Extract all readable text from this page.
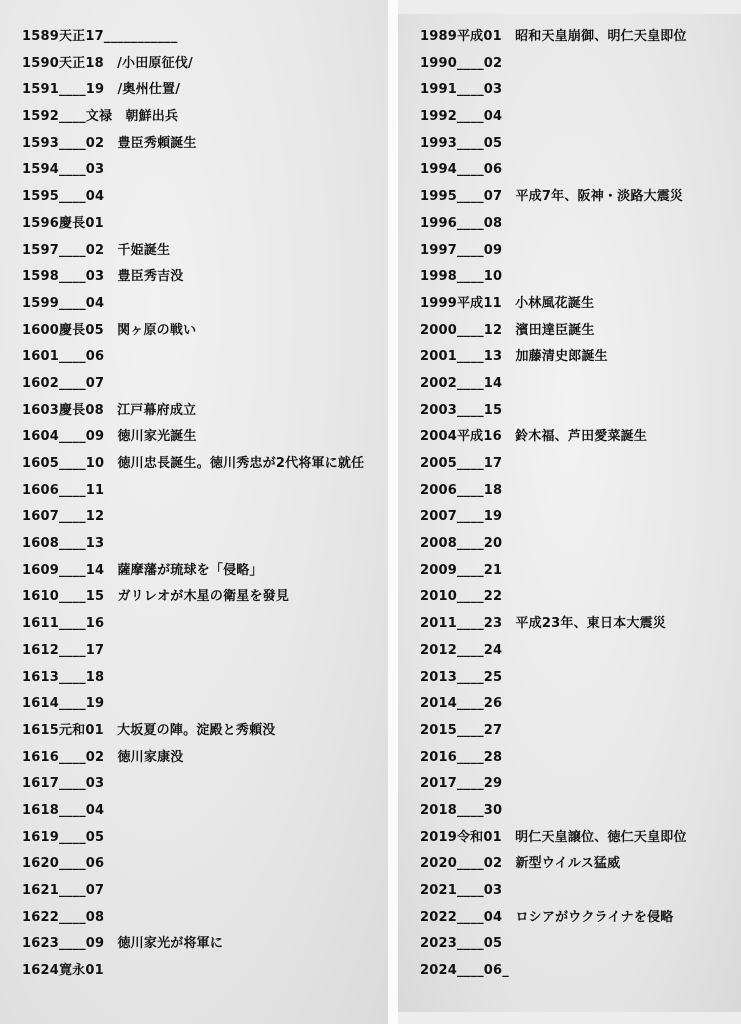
1589天正17___________
1590天正18　/小田原征伐/
1591____19　/奥州仕置/
1592____文禄　朝鮮出兵
1593____02　豊臣秀頼誕生
1594____03
1595____04
1596慶長01
1597____02　千姫誕生
1598____03　豊臣秀吉没
1599____04
1600慶長05　関ヶ原の戦い
1601____06
1602____07
1603慶長08　江戸幕府成立
1604____09　徳川家光誕生
1605____10　徳川忠長誕生。徳川秀忠が2代将軍に就任
1606____11
1607____12
1608____13
1609____14　薩摩藩が琉球を「侵略」
1610____15　ガリレオが木星の衛星を發見
1611____16
1612____17
1613____18
1614____19
1615元和01　大坂夏の陣。淀殿と秀頼没
1616____02　徳川家康没
1617____03
1618____04
1619____05
1620____06
1621____07
1622____08
1623____09　徳川家光が将軍に
1624寛永01
1989平成01　昭和天皇崩御、明仁天皇即位
1990____02
1991____03
1992____04
1993____05
1994____06
1995____07　平成7年、阪神・淡路大震災
1996____08
1997____09
1998____10
1999平成11　小林風花誕生
2000____12　濱田達臣誕生
2001____13　加藤清史郎誕生
2002____14
2003____15
2004平成16　鈴木福、芦田愛菜誕生
2005____17
2006____18
2007____19
2008____20
2009____21
2010____22
2011____23　平成23年、東日本大震災
2012____24
2013____25
2014____26
2015____27
2016____28
2017____29
2018____30
2019令和01　明仁天皇譲位、徳仁天皇即位
2020____02　新型ウイルス猛威
2021____03
2022____04　ロシアがウクライナを侵略
2023____05
2024____06_
